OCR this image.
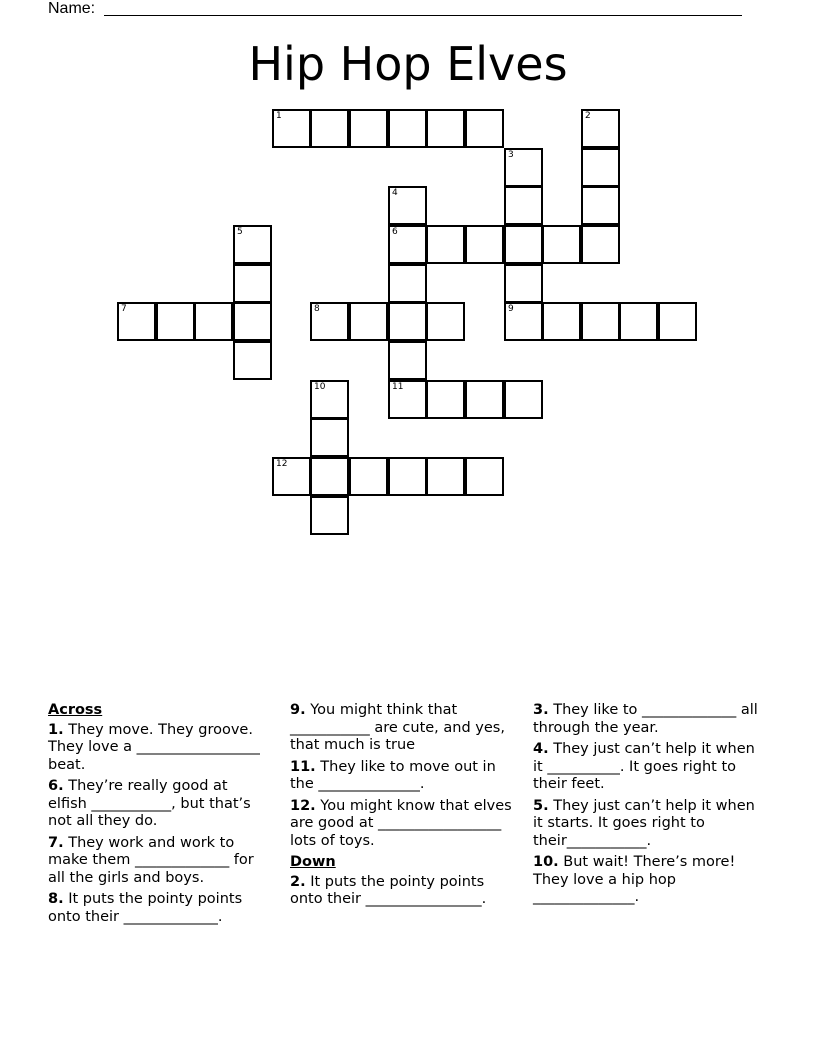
Name:
Hip Hop Elves
1	2
3
4
5	6
7	8	9
10	11
12
Across
1. They move. They groove. They love a _________________ beat.
6. They’re really good at elfish ___________, but that’s not all they do.
7. They work and work to make them _____________ for all the girls and boys.
8. It puts the pointy points onto their _____________.
9. You might think that ___________ are cute, and yes, that much is true
11. They like to move out in the ______________.
12. You might know that elves are good at _________________ lots of toys.
Down
2. It puts the pointy points onto their ________________.
3. They like to _____________ all through the year.
4. They just can’t help it when it __________. It goes right to their feet.
5. They just can’t help it when it starts. It goes right to their___________.
10. But wait! There’s more! They love a hip hop ______________.
